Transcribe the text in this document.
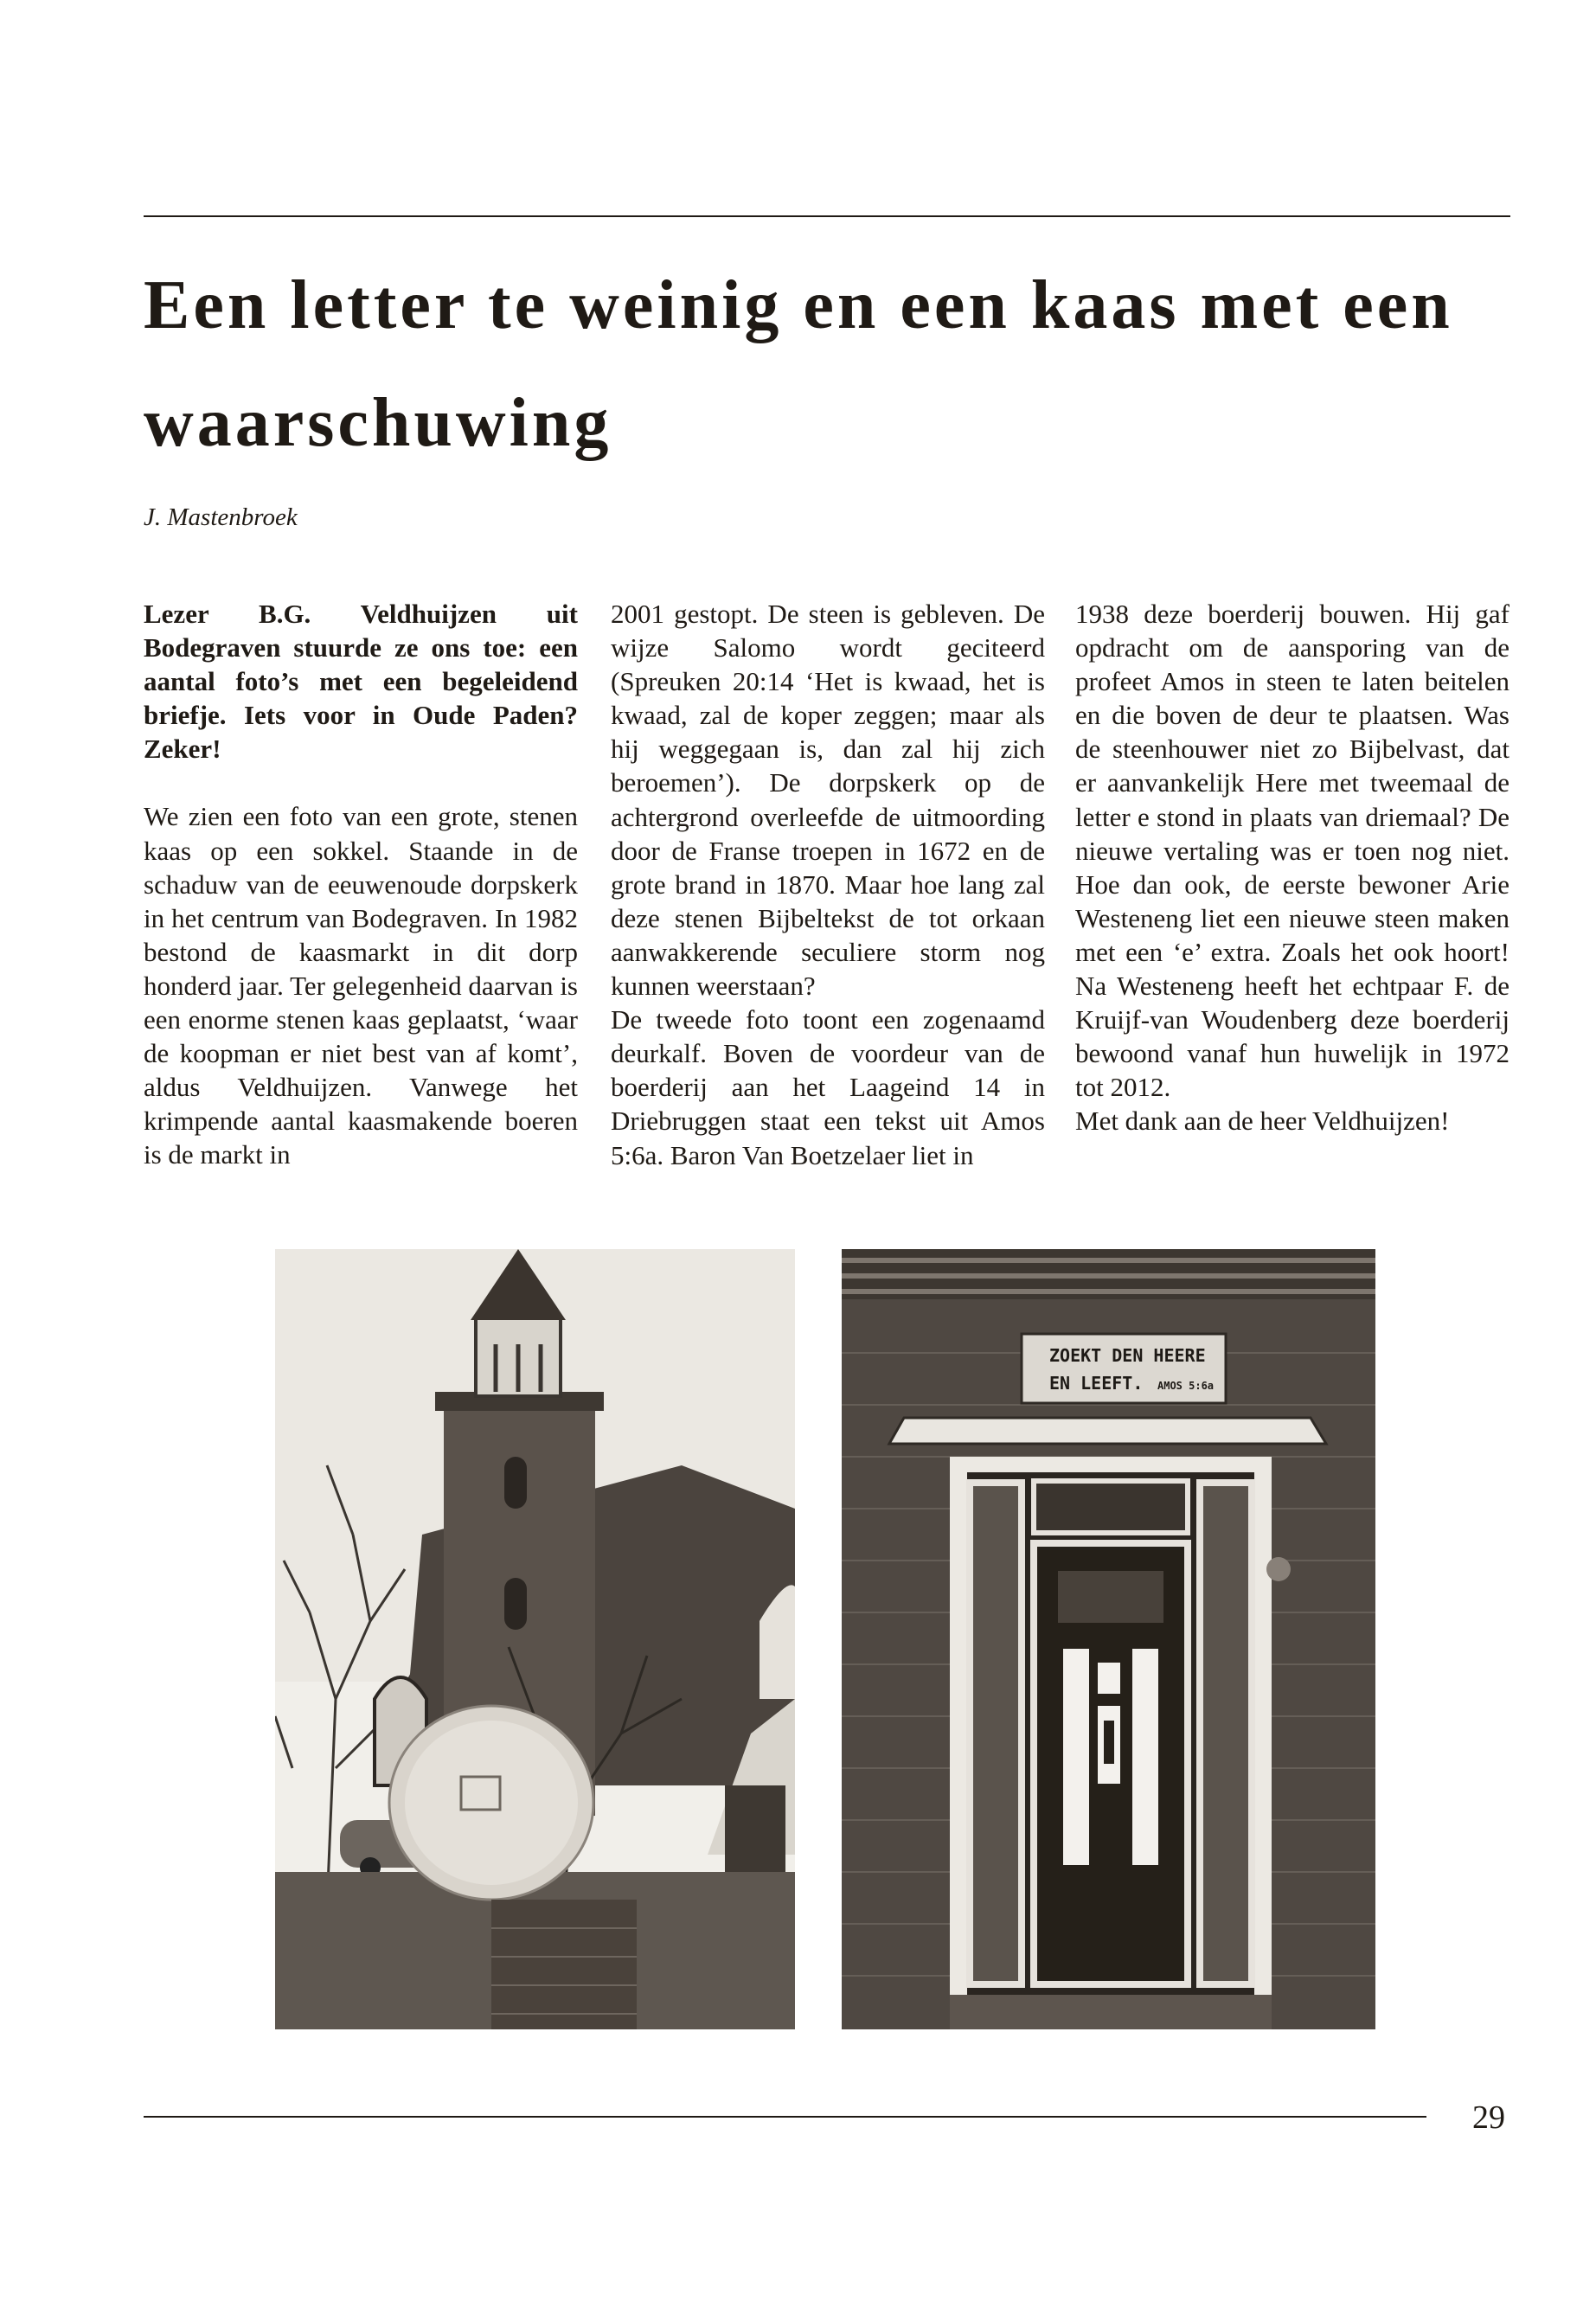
Een letter te weinig en een kaas met een waarschuwing
J. Mastenbroek

Lezer B.G. Veldhuijzen uit Bodegraven stuurde ze ons toe: een aantal foto’s met een begeleidend briefje. Iets voor in Oude Paden? Zeker!

We zien een foto van een grote, stenen kaas op een sokkel. Staande in de schaduw van de eeuwenoude dorpskerk in het centrum van Bodegraven. In 1982 bestond de kaasmarkt in dit dorp honderd jaar. Ter gelegenheid daarvan is een enorme stenen kaas geplaatst, ‘waar de koopman er niet best van af komt’, aldus Veldhuijzen. Vanwege het krimpende aantal kaasmakende boeren is de markt in

2001 gestopt. De steen is gebleven. De wijze Salomo wordt geciteerd (Spreuken 20:14 ‘Het is kwaad, het is kwaad, zal de koper zeggen; maar als hij weggegaan is, dan zal hij zich beroemen’). De dorpskerk op de achtergrond overleefde de uitmoording door de Franse troepen in 1672 en de grote brand in 1870. Maar hoe lang zal deze stenen Bijbeltekst de tot orkaan aanwakkerende seculiere storm nog kunnen weerstaan?

De tweede foto toont een zogenaamd deurkalf. Boven de voordeur van de boerderij aan het Laageind 14 in Driebruggen staat een tekst uit Amos 5:6a. Baron Van Boetzelaer liet in

1938 deze boerderij bouwen. Hij gaf opdracht om de aansporing van de profeet Amos in steen te laten beitelen en die boven de deur te plaatsen. Was de steenhouwer niet zo Bijbelvast, dat er aanvankelijk Here met tweemaal de letter e stond in plaats van driemaal? De nieuwe vertaling was er toen nog niet. Hoe dan ook, de eerste bewoner Arie Westeneng liet een nieuwe steen maken met een ‘e’ extra. Zoals het ook hoort! Na Westeneng heeft het echtpaar F. de Kruijf-van Woudenberg deze boerderij bewoond vanaf hun huwelijk in 1972 tot 2012.

Met dank aan de heer Veldhuijzen!

ZOEKT DEN HEERE
EN LEEFT. AMOS 5:6a
29
